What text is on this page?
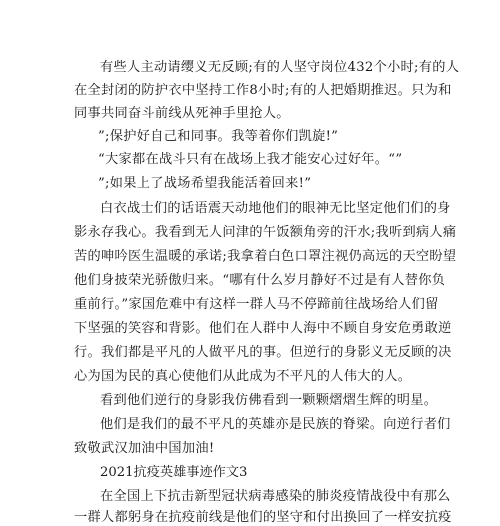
有些人主动请缨义无反顾;有的人坚守岗位432个小时;有的人
在全封闭的防护衣中坚持工作8小时;有的人把婚期推迟。只为和
同事共同奋斗前线从死神手里抢人。
”;保护好自己和同事。我等着你们凯旋!”
“大家都在战斗只有在战场上我才能安心过好年。“”
”;如果上了战场希望我能活着回来!”
白衣战士们的话语震天动地他们的眼神无比坚定他们们的身
影永存我心。我看到无人问津的午饭额角旁的汗水;我听到病人痛
苦的呻吟医生温暖的承诺;我拿着白色口罩注视仍高远的天空盼望
他们身披荣光骄傲归来。“哪有什么岁月静好不过是有人替你负
重前行。”家国危难中有这样一群人马不停蹄前往战场给人们留
下坚强的笑容和背影。他们在人群中人海中不顾自身安危勇敢逆
行。我们都是平凡的人做平凡的事。但逆行的身影义无反顾的决
心为国为民的真心使他们从此成为不平凡的人伟大的人。
看到他们逆行的身影我仿佛看到一颗颗熠熠生辉的明星。
他们是我们的最不平凡的英雄亦是民族的脊梁。向逆行者们
致敬武汉加油中国加油!
2021抗疫英雄事迹作文3
在全国上下抗击新型冠状病毒感染的肺炎疫情战役中有那么
一群人都躬身在抗疫前线是他们的坚守和付出换回了一样安抗疫
